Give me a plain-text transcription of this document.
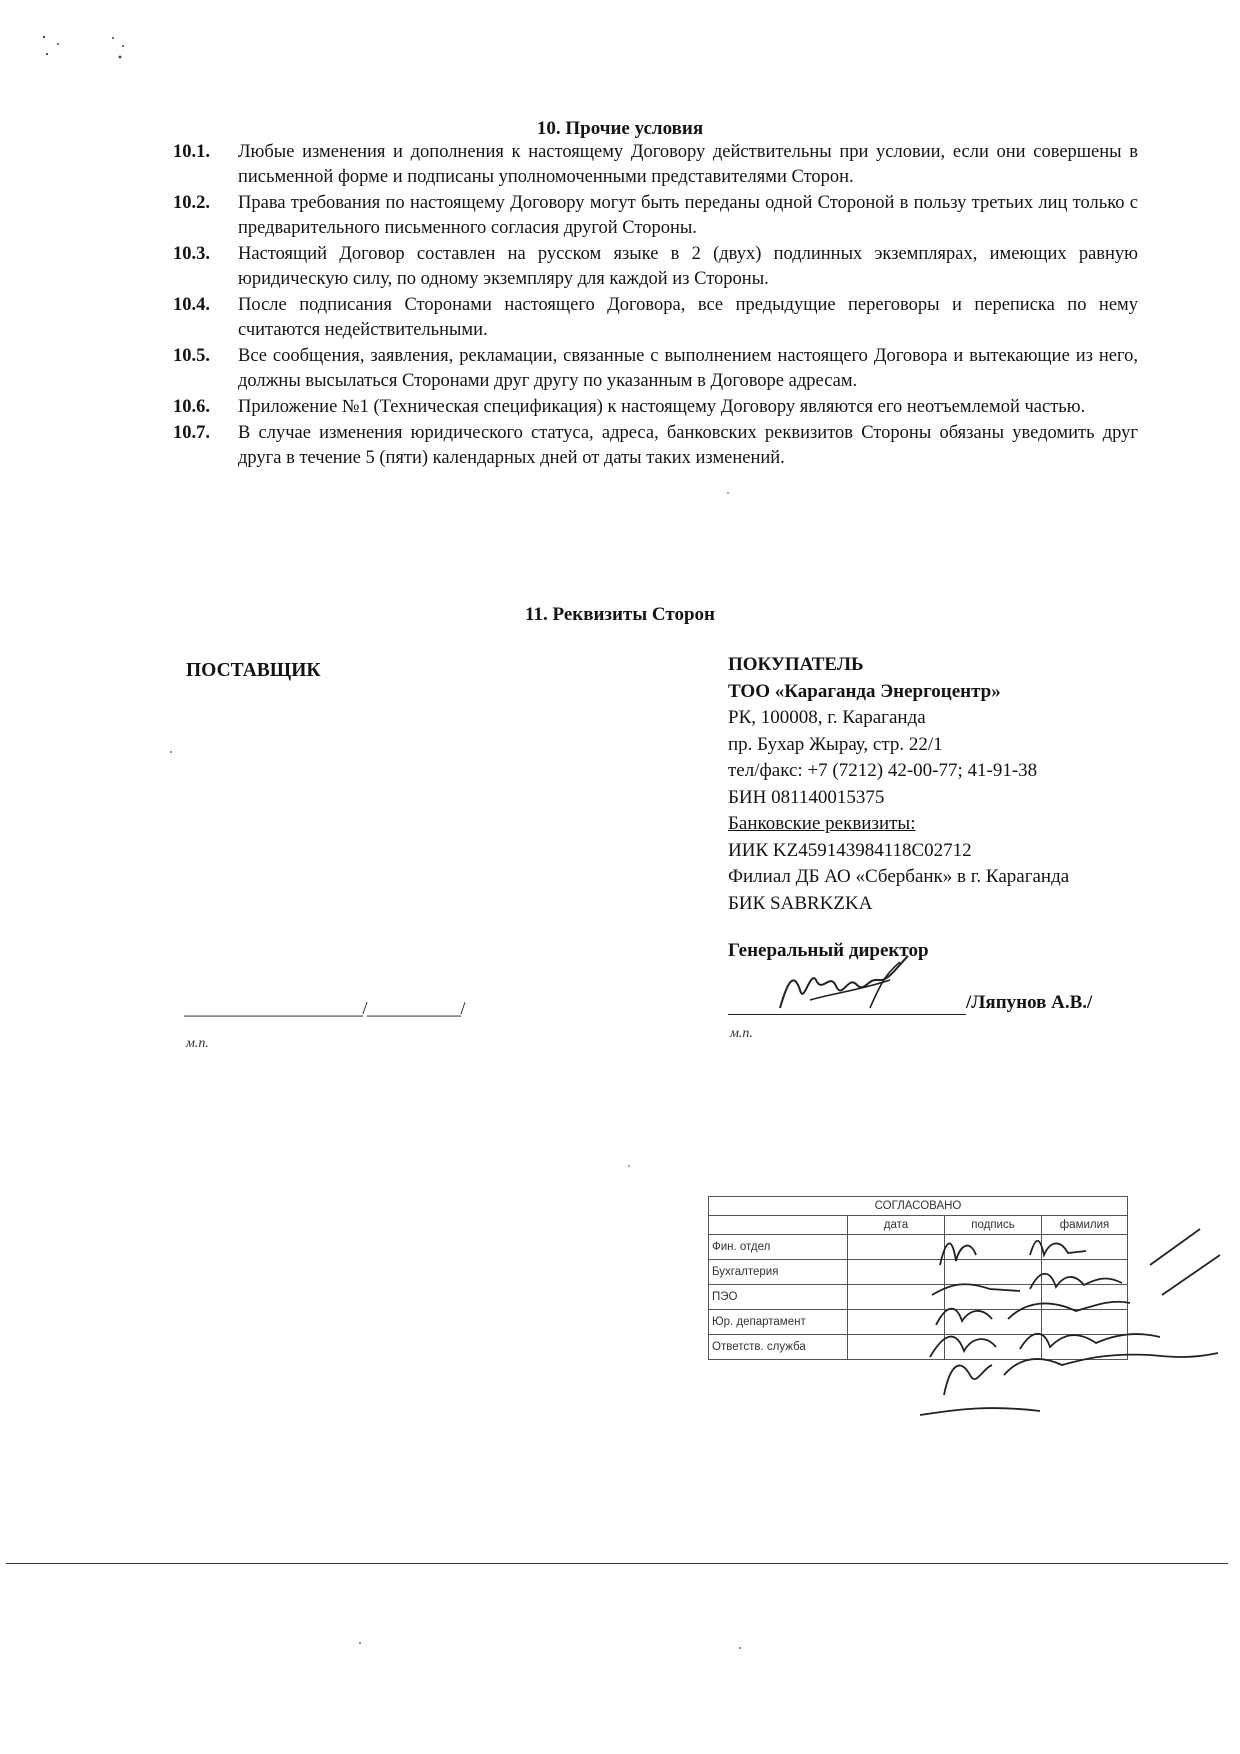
10. Прочие условия
10.1.	Любые изменения и дополнения к настоящему Договору действительны при условии, если они совершены в письменной форме и подписаны уполномоченными представителями Сторон.
10.2.	Права требования по настоящему Договору могут быть переданы одной Стороной в пользу третьих лиц только с предварительного письменного согласия другой Стороны.
10.3.	Настоящий Договор составлен на русском языке в 2 (двух) подлинных экземплярах, имеющих равную юридическую силу, по одному экземпляру для каждой из Стороны.
10.4.	После подписания Сторонами настоящего Договора, все предыдущие переговоры и переписка по нему считаются недействительными.
10.5.	Все сообщения, заявления, рекламации, связанные с выполнением настоящего Договора и вытекающие из него, должны высылаться Сторонами друг другу по указанным в Договоре адресам.
10.6.	Приложение №1 (Техническая спецификация) к настоящему Договору являются его неотъемлемой частью.
10.7.	В случае изменения юридического статуса, адреса, банковских реквизитов Стороны обязаны уведомить друг друга в течение 5 (пяти) календарных дней от даты таких изменений.
11. Реквизиты Сторон
ПОСТАВЩИК
_____________________/___________/
м.п.
ПОКУПАТЕЛЬ
ТОО «Караганда Энергоцентр»
РК, 100008, г. Караганда
пр. Бухар Жырау, стр. 22/1
тел/факс: +7 (7212) 42-00-77; 41-91-38
БИН 081140015375
Банковские реквизиты:
ИИК KZ459143984118C02712
Филиал ДБ АО «Сбербанк» в г. Караганда
БИК SABRKZKA
Генеральный директор
/Ляпунов А.В./
м.п.
СОГЛАСОВАНО
	дата	подпись	фамилия
Фин. отдел			
Бухгалтерия			
ПЭО			
Юр. департамент			
Ответств. служба			
